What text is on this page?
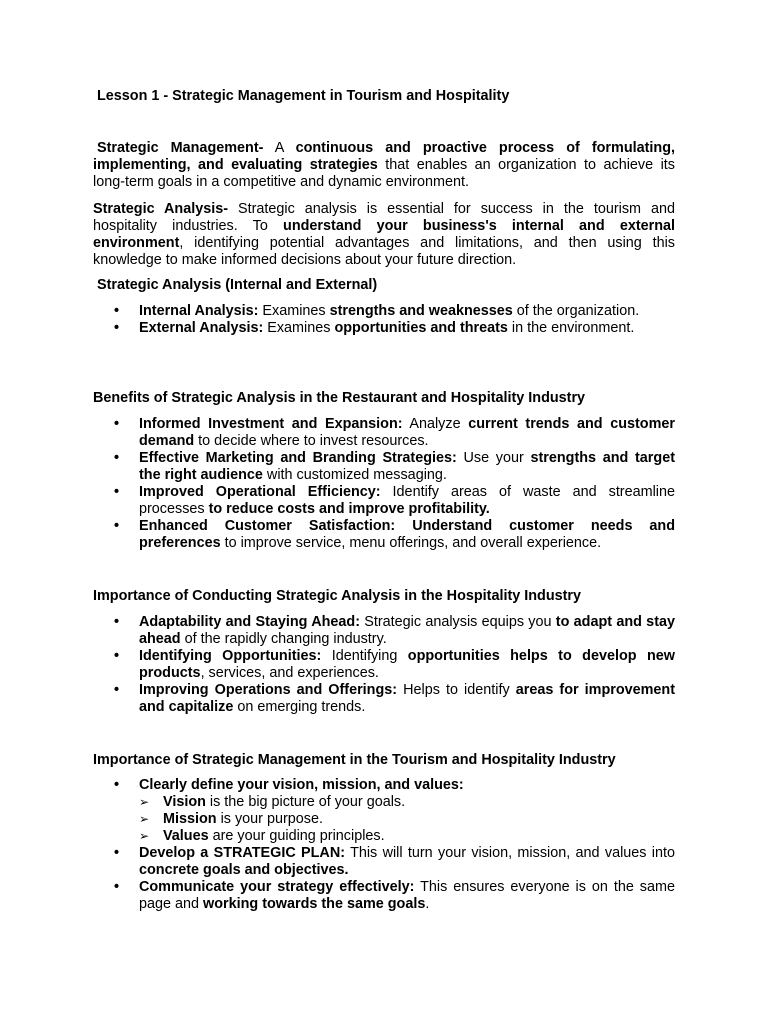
Lesson 1 - Strategic Management in Tourism and Hospitality
Strategic Management- A continuous and proactive process of formulating, implementing, and evaluating strategies that enables an organization to achieve its long-term goals in a competitive and dynamic environment.
Strategic Analysis- Strategic analysis is essential for success in the tourism and hospitality industries. To understand your business's internal and external environment, identifying potential advantages and limitations, and then using this knowledge to make informed decisions about your future direction.
Strategic Analysis (Internal and External)
• Internal Analysis: Examines strengths and weaknesses of the organization.
• External Analysis: Examines opportunities and threats in the environment.
Benefits of Strategic Analysis in the Restaurant and Hospitality Industry
• Informed Investment and Expansion: Analyze current trends and customer demand to decide where to invest resources.
• Effective Marketing and Branding Strategies: Use your strengths and target the right audience with customized messaging.
• Improved Operational Efficiency: Identify areas of waste and streamline processes to reduce costs and improve profitability.
• Enhanced Customer Satisfaction: Understand customer needs and preferences to improve service, menu offerings, and overall experience.
Importance of Conducting Strategic Analysis in the Hospitality Industry
• Adaptability and Staying Ahead: Strategic analysis equips you to adapt and stay ahead of the rapidly changing industry.
• Identifying Opportunities: Identifying opportunities helps to develop new products, services, and experiences.
• Improving Operations and Offerings: Helps to identify areas for improvement and capitalize on emerging trends.
Importance of Strategic Management in the Tourism and Hospitality Industry
• Clearly define your vision, mission, and values:
➢ Vision is the big picture of your goals.
➢ Mission is your purpose.
➢ Values are your guiding principles.
• Develop a STRATEGIC PLAN: This will turn your vision, mission, and values into concrete goals and objectives.
• Communicate your strategy effectively: This ensures everyone is on the same page and working towards the same goals.
